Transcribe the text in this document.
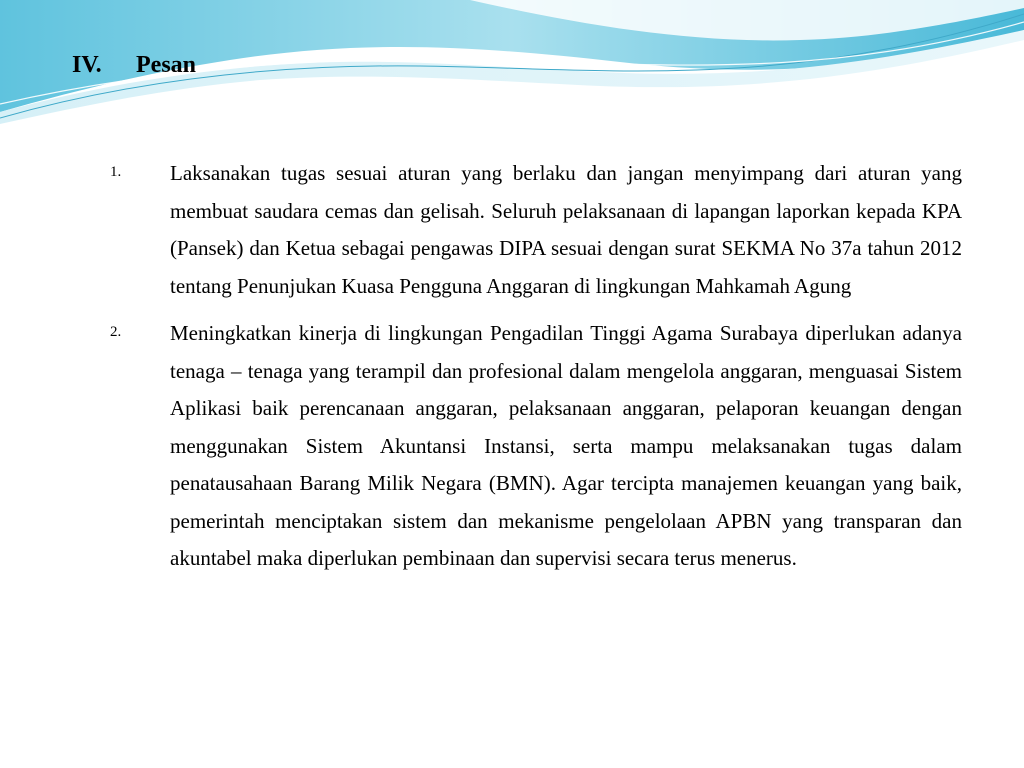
IV. Pesan
1. Laksanakan tugas sesuai aturan yang berlaku dan jangan menyimpang dari aturan yang membuat saudara cemas dan gelisah. Seluruh pelaksanaan di lapangan laporkan kepada KPA (Pansek) dan Ketua sebagai pengawas DIPA sesuai dengan surat SEKMA No 37a tahun 2012 tentang Penunjukan Kuasa Pengguna Anggaran di lingkungan Mahkamah Agung
2. Meningkatkan kinerja di lingkungan Pengadilan Tinggi Agama Surabaya diperlukan adanya tenaga – tenaga yang terampil dan profesional dalam mengelola anggaran, menguasai Sistem Aplikasi baik perencanaan anggaran, pelaksanaan anggaran, pelaporan keuangan dengan menggunakan Sistem Akuntansi Instansi, serta mampu melaksanakan tugas dalam penatausahaan Barang Milik Negara (BMN). Agar tercipta manajemen keuangan yang baik, pemerintah menciptakan sistem dan mekanisme pengelolaan APBN yang transparan dan akuntabel maka diperlukan pembinaan dan supervisi secara terus menerus.
